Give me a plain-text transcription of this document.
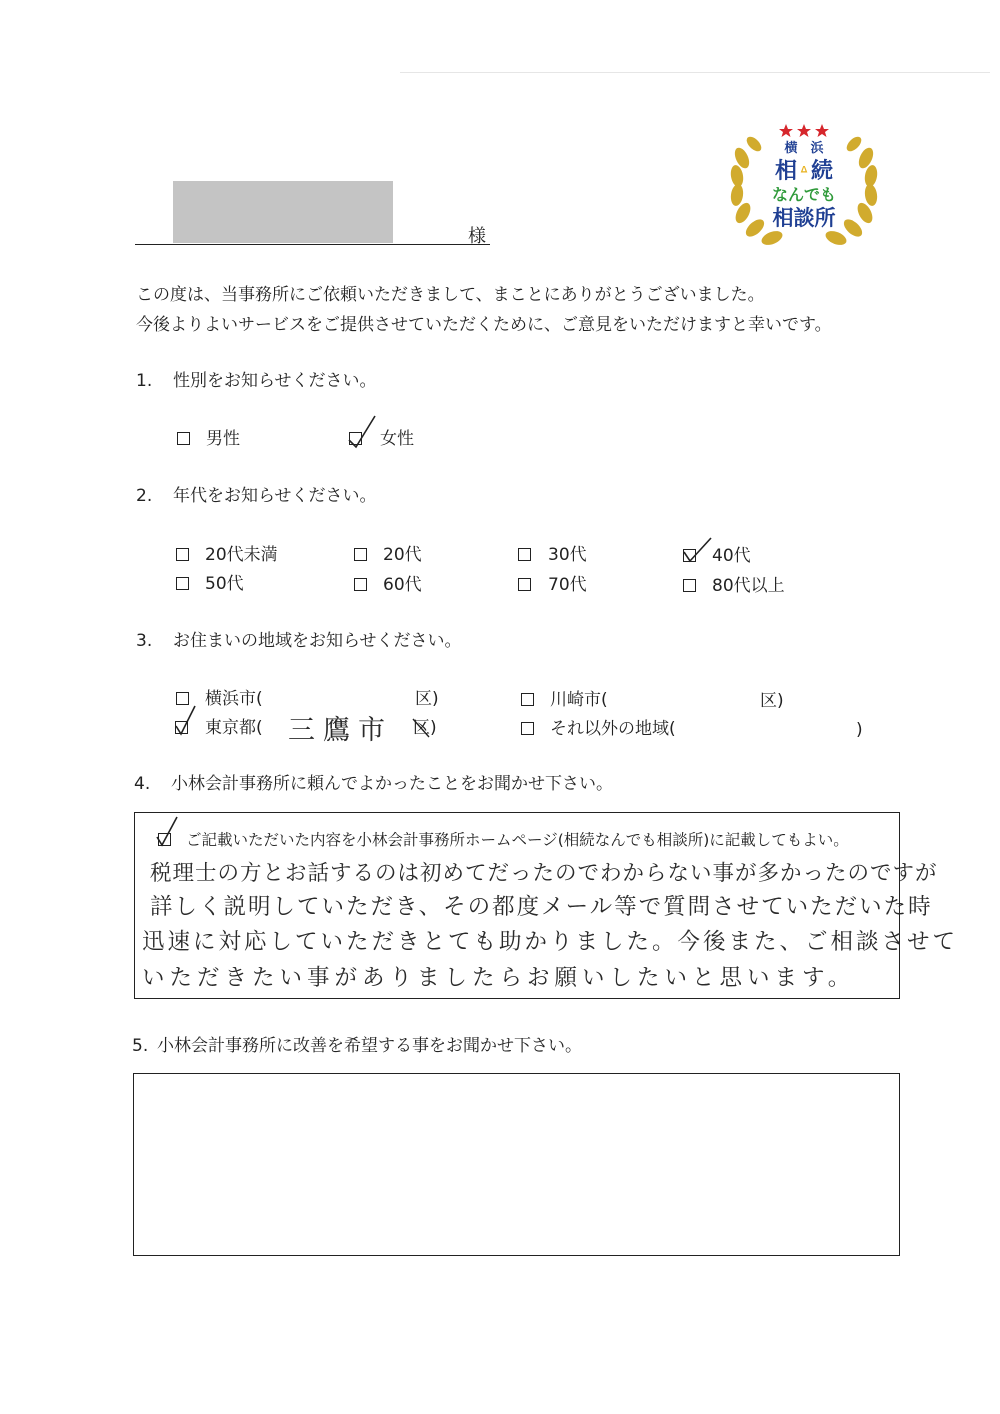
横　浜
相 ᐞ 続
なんでも
相談所
様
この度は、当事務所にご依頼いただきまして、まことにありがとうございました。
今後よりよいサービスをご提供させていただくために、ご意見をいただけますと幸いです。
1. 性別をお知らせください。
男性	女性
2. 年代をお知らせください。
20代未満	20代	30代	40代
50代	60代	70代	80代以上
3. お住まいの地域をお知らせください。
横浜市(	区)	川崎市(	区)
東京都( 三鷹市 区)	それ以外の地域(	)
4. 小林会計事務所に頼んでよかったことをお聞かせ下さい。
ご記載いただいた内容を小林会計事務所ホームページ(相続なんでも相談所)に記載してもよい。
税理士の方とお話するのは初めてだったのでわからない事が多かったのですが
詳しく説明していただき、その都度メール等で質問させていただいた時
迅速に対応していただきとても助かりました。今後また、ご相談させて
いただきたい事がありましたらお願いしたいと思います。
5. 小林会計事務所に改善を希望する事をお聞かせ下さい。
